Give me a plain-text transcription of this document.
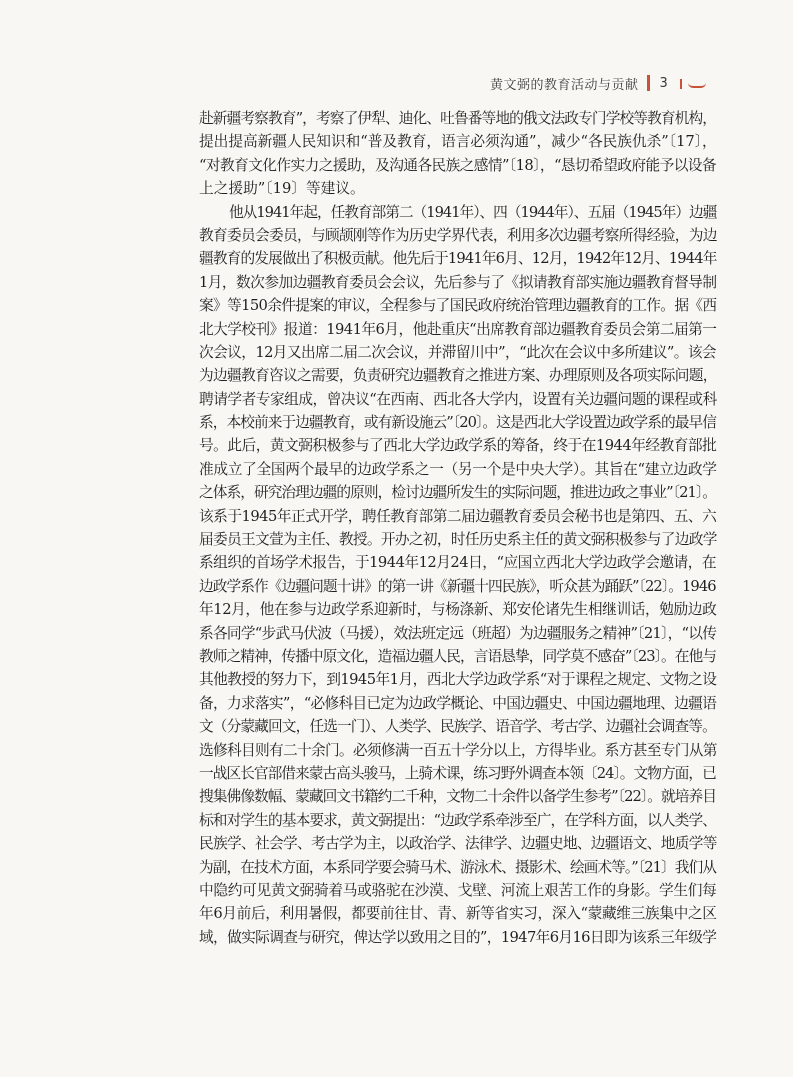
黄文弼的教育活动与贡献 3
赴新疆考察教育”，考察了伊犁、迪化、吐鲁番等地的俄文法政专门学校等教育机构，
提出提高新疆人民知识和“普及教育，语言必须沟通”，减少“各民族仇杀”〔17〕，
“对教育文化作实力之援助，及沟通各民族之感情”〔18〕，“恳切希望政府能予以设备
上之援助”〔19〕等建议。
他从1941年起，任教育部第二（1941年）、四（1944年）、五届（1945年）边疆
教育委员会委员，与顾颉刚等作为历史学界代表，利用多次边疆考察所得经验，为边
疆教育的发展做出了积极贡献。他先后于1941年6月、12月，1942年12月、1944年
1月，数次参加边疆教育委员会会议，先后参与了《拟请教育部实施边疆教育督导制
案》等150余件提案的审议，全程参与了国民政府统治管理边疆教育的工作。据《西
北大学校刊》报道：1941年6月，他赴重庆“出席教育部边疆教育委员会第二届第一
次会议，12月又出席二届二次会议，并滞留川中”，“此次在会议中多所建议”。该会
为边疆教育咨议之需要，负责研究边疆教育之推进方案、办理原则及各项实际问题，
聘请学者专家组成，曾决议“在西南、西北各大学内，设置有关边疆问题的课程或科
系，本校前来于边疆教育，或有新设施云”〔20〕。这是西北大学设置边政学系的最早信
号。此后，黄文弼积极参与了西北大学边政学系的筹备，终于在1944年经教育部批
准成立了全国两个最早的边政学系之一（另一个是中央大学）。其旨在“建立边政学
之体系，研究治理边疆的原则，检讨边疆所发生的实际问题，推进边政之事业”〔21〕。
该系于1945年正式开学，聘任教育部第二届边疆教育委员会秘书也是第四、五、六
届委员王文萱为主任、教授。开办之初，时任历史系主任的黄文弼积极参与了边政学
系组织的首场学术报告，于1944年12月24日，“应国立西北大学边政学会邀请，在
边政学系作《边疆问题十讲》的第一讲《新疆十四民族》，听众甚为踊跃”〔22〕。1946
年12月，他在参与边政学系迎新时，与杨涤新、郑安伦诸先生相继训话，勉励边政
系各同学“步武马伏波（马援），效法班定远（班超）为边疆服务之精神”〔21〕，“以传
教师之精神，传播中原文化，造福边疆人民，言语恳挚，同学莫不感奋”〔23〕。在他与
其他教授的努力下，到1945年1月，西北大学边政学系“对于课程之规定、文物之设
备，力求落实”，“必修科目已定为边政学概论、中国边疆史、中国边疆地理、边疆语
文（分蒙藏回文，任选一门）、人类学、民族学、语音学、考古学、边疆社会调查等。
选修科目则有二十余门。必须修满一百五十学分以上，方得毕业。系方甚至专门从第
一战区长官部借来蒙古高头骏马，上骑术课，练习野外调查本领〔24〕。文物方面，已
搜集佛像数幅、蒙藏回文书籍约二千种，文物二十余件以备学生参考”〔22〕。就培养目
标和对学生的基本要求，黄文弼提出：“边政学系牵涉至广，在学科方面，以人类学、
民族学、社会学、考古学为主，以政治学、法律学、边疆史地、边疆语文、地质学等
为副，在技术方面，本系同学要会骑马术、游泳术、摄影术、绘画术等。”〔21〕我们从
中隐约可见黄文弼骑着马或骆驼在沙漠、戈壁、河流上艰苦工作的身影。学生们每
年6月前后，利用暑假，都要前往甘、青、新等省实习，深入“蒙藏维三族集中之区
域，做实际调查与研究，俾达学以致用之目的”，1947年6月16日即为该系三年级学
